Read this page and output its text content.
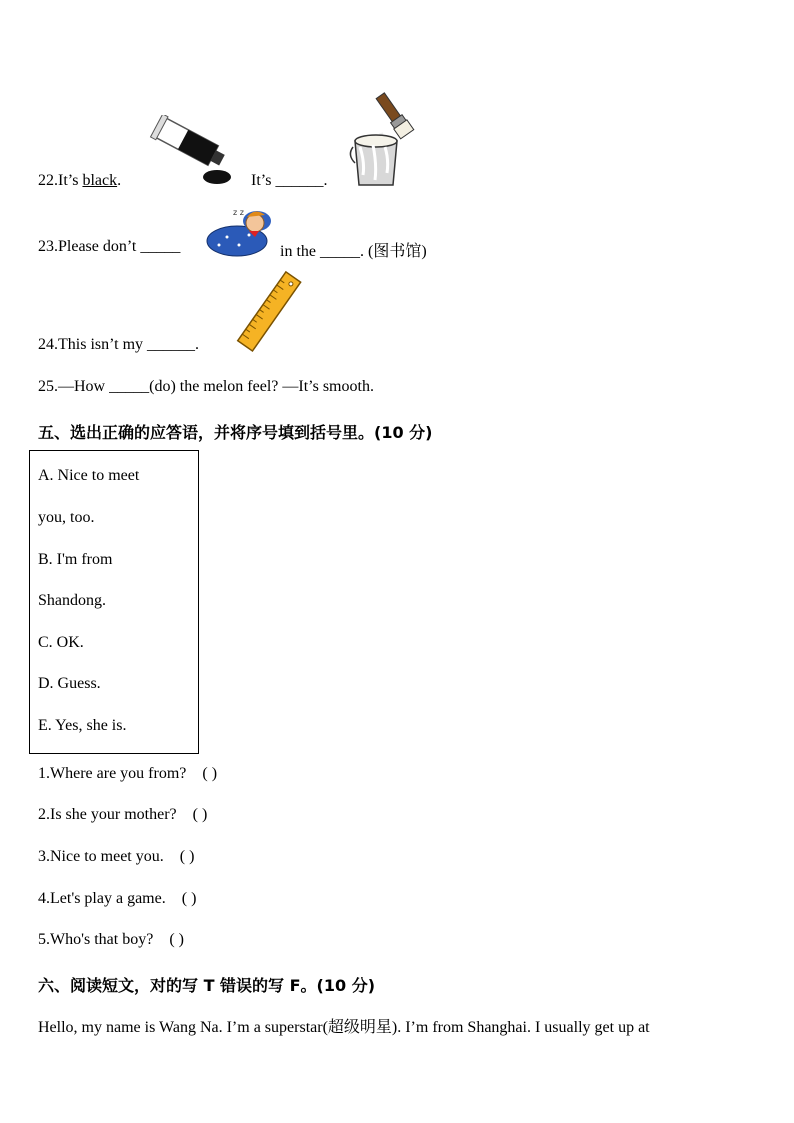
22.It’s black.	It’s ______.
23.Please don’t _____	in the _____. (图书馆)
z z
24.This isn’t my ______.
25.—How _____(do) the melon feel? —It’s smooth.
五、选出正确的应答语，并将序号填到括号里。(10 分)
A. Nice to meet
you, too.
B. I'm from
Shandong.
C. OK.
D. Guess.
E. Yes, she is.
1.Where are you from? ( )
2.Is she your mother? ( )
3.Nice to meet you. ( )
4.Let's play a game. ( )
5.Who's that boy? ( )
六、阅读短文，对的写 T 错误的写 F。(10 分)
Hello, my name is Wang Na. I’m a superstar(超级明星). I’m from Shanghai. I usually get up at
